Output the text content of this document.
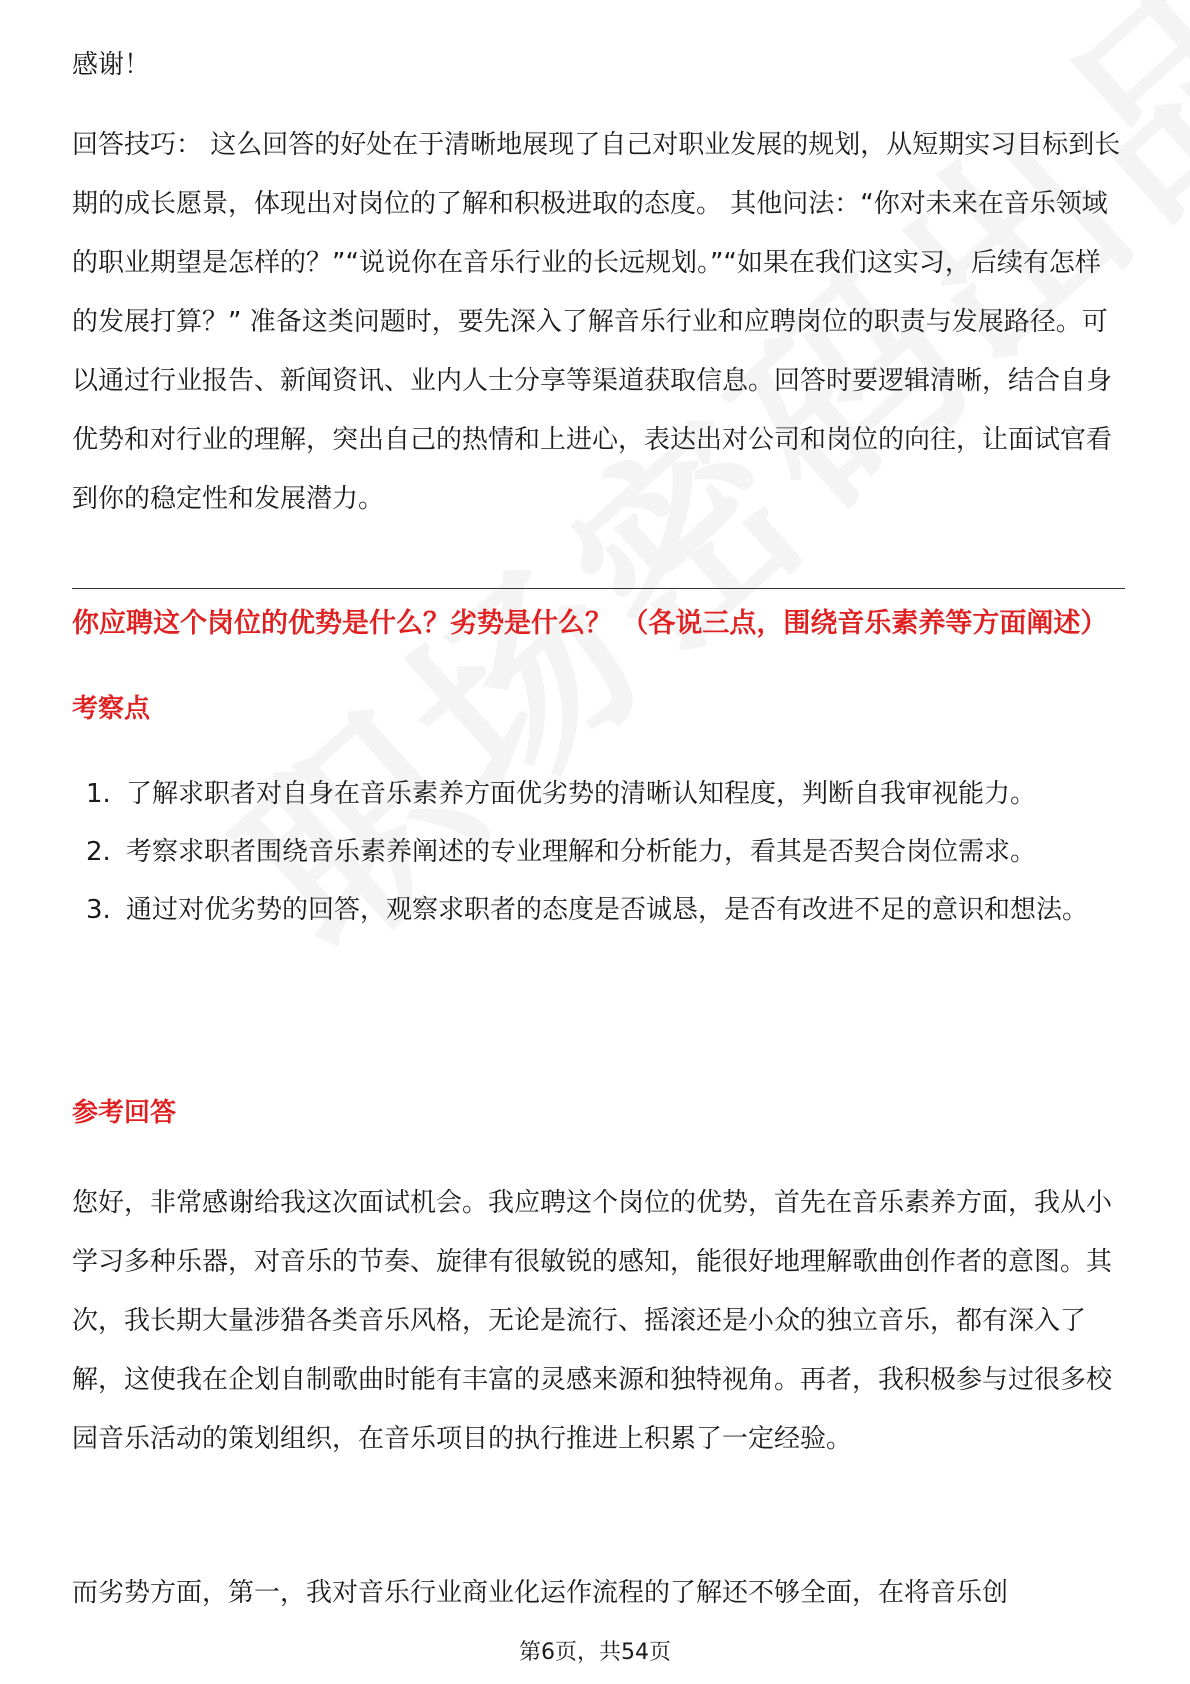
感谢！

回答技巧： 这么回答的好处在于清晰地展现了自己对职业发展的规划，从短期实习目标到长期的成长愿景，体现出对岗位的了解和积极进取的态度。 其他问法：“你对未来在音乐领域的职业期望是怎样的？”“说说你在音乐行业的长远规划。”“如果在我们这实习，后续有怎样的发展打算？” 准备这类问题时，要先深入了解音乐行业和应聘岗位的职责与发展路径。可以通过行业报告、新闻资讯、业内人士分享等渠道获取信息。回答时要逻辑清晰，结合自身优势和对行业的理解，突出自己的热情和上进心，表达出对公司和岗位的向往，让面试官看到你的稳定性和发展潜力。

你应聘这个岗位的优势是什么？劣势是什么？ （各说三点，围绕音乐素养等方面阐述）

考察点

1. 了解求职者对自身在音乐素养方面优劣势的清晰认知程度，判断自我审视能力。
2. 考察求职者围绕音乐素养阐述的专业理解和分析能力，看其是否契合岗位需求。
3. 通过对优劣势的回答，观察求职者的态度是否诚恳，是否有改进不足的意识和想法。

参考回答

您好，非常感谢给我这次面试机会。我应聘这个岗位的优势，首先在音乐素养方面，我从小学习多种乐器，对音乐的节奏、旋律有很敏锐的感知，能很好地理解歌曲创作者的意图。其次，我长期大量涉猎各类音乐风格，无论是流行、摇滚还是小众的独立音乐，都有深入了解，这使我在企划自制歌曲时能有丰富的灵感来源和独特视角。再者，我积极参与过很多校园音乐活动的策划组织，在音乐项目的执行推进上积累了一定经验。

而劣势方面，第一，我对音乐行业商业化运作流程的了解还不够全面，在将音乐创

第6页，共54页
